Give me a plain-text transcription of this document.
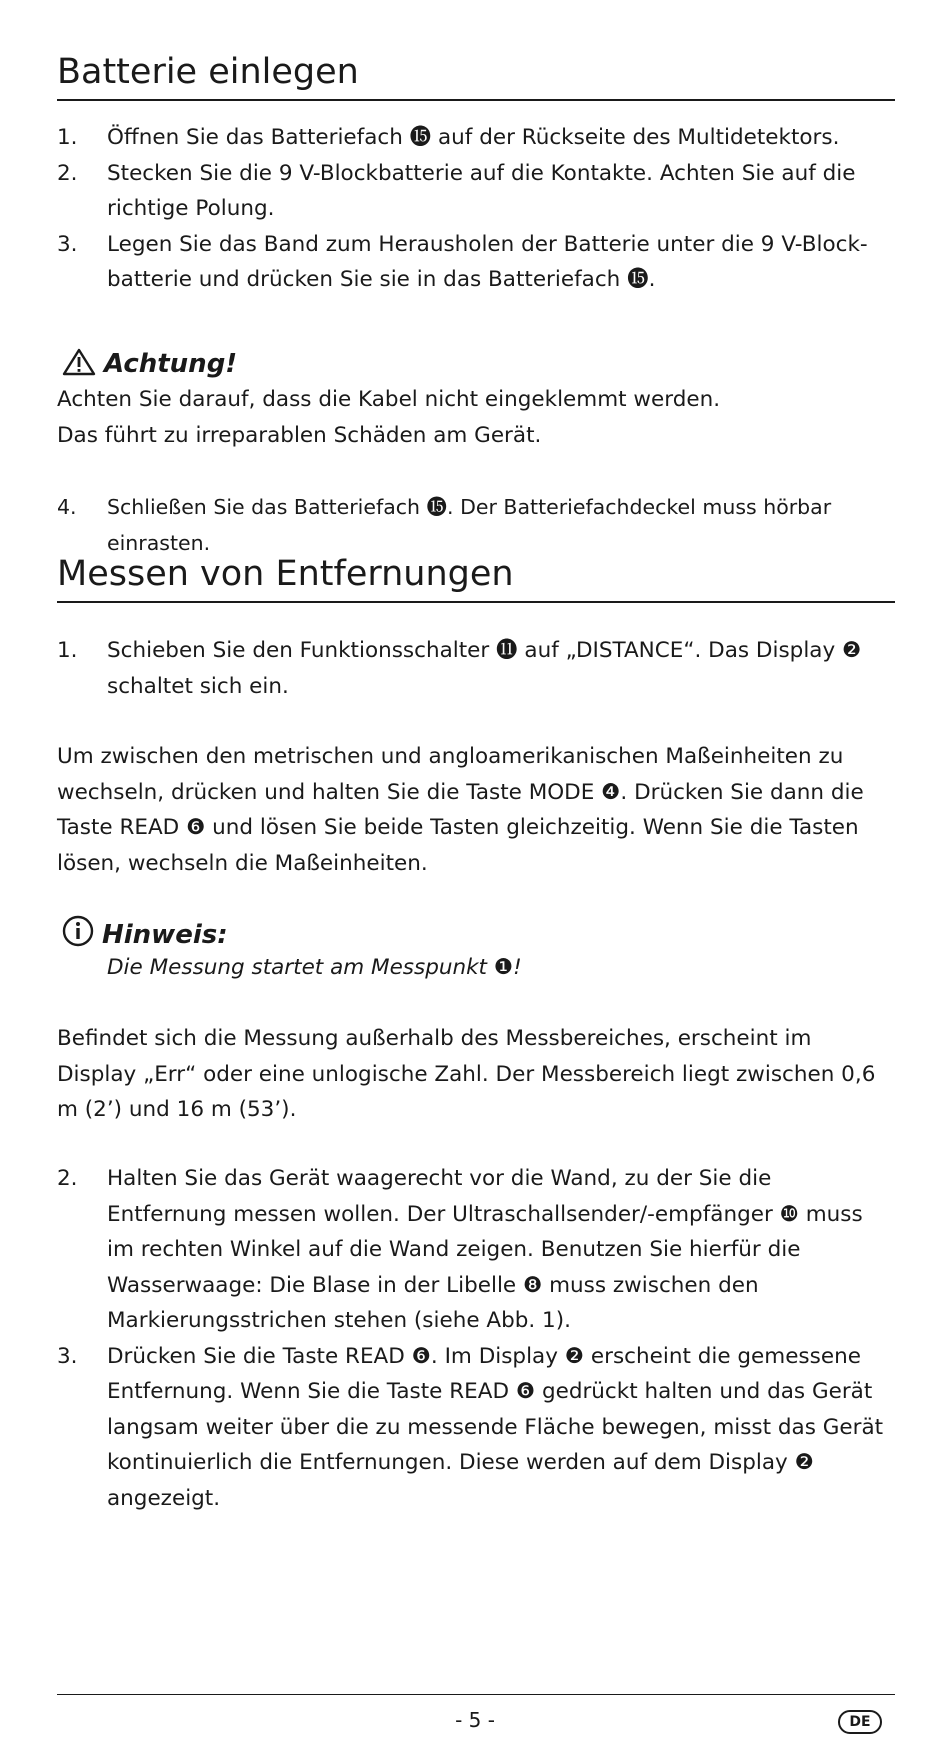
Batterie einlegen
1.	Öffnen Sie das Batteriefach ⓯ auf der Rückseite des Multidetektors.
2.	Stecken Sie die 9 V-Blockbatterie auf die Kontakte. Achten Sie auf die richtige Polung.
3.	Legen Sie das Band zum Herausholen der Batterie unter die 9 V-Blockbatterie und drücken Sie sie in das Batteriefach ⓯.
Achtung!
Achten Sie darauf, dass die Kabel nicht eingeklemmt werden.
Das führt zu irreparablen Schäden am Gerät.
4.	Schließen Sie das Batteriefach ⓯. Der Batteriefachdeckel muss hörbar einrasten.
Messen von Entfernungen
1.	Schieben Sie den Funktionsschalter ⓫ auf „DISTANCE“. Das Display ❷ schaltet sich ein.
Um zwischen den metrischen und angloamerikanischen Maßeinheiten zu wechseln, drücken und halten Sie die Taste MODE ❹. Drücken Sie dann die Taste READ ❻ und lösen Sie beide Tasten gleichzeitig. Wenn Sie die Tasten lösen, wechseln die Maßeinheiten.
Hinweis:
Die Messung startet am Messpunkt ❶!
Befindet sich die Messung außerhalb des Messbereiches, erscheint im Display „Err“ oder eine unlogische Zahl. Der Messbereich liegt zwischen 0,6 m (2’) und 16 m (53’).
2.	Halten Sie das Gerät waagerecht vor die Wand, zu der Sie die Entfernung messen wollen. Der Ultraschallsender/-empfänger ❿ muss im rechten Winkel auf die Wand zeigen. Benutzen Sie hierfür die Wasserwaage: Die Blase in der Libelle ❽ muss zwischen den Markierungsstrichen stehen (siehe Abb. 1).
3.	Drücken Sie die Taste READ ❻. Im Display ❷ erscheint die gemessene Entfernung. Wenn Sie die Taste READ ❻ gedrückt halten und das Gerät langsam weiter über die zu messende Fläche bewegen, misst das Gerät kontinuierlich die Entfernungen. Diese werden auf dem Display ❷ angezeigt.
- 5 -	DE
